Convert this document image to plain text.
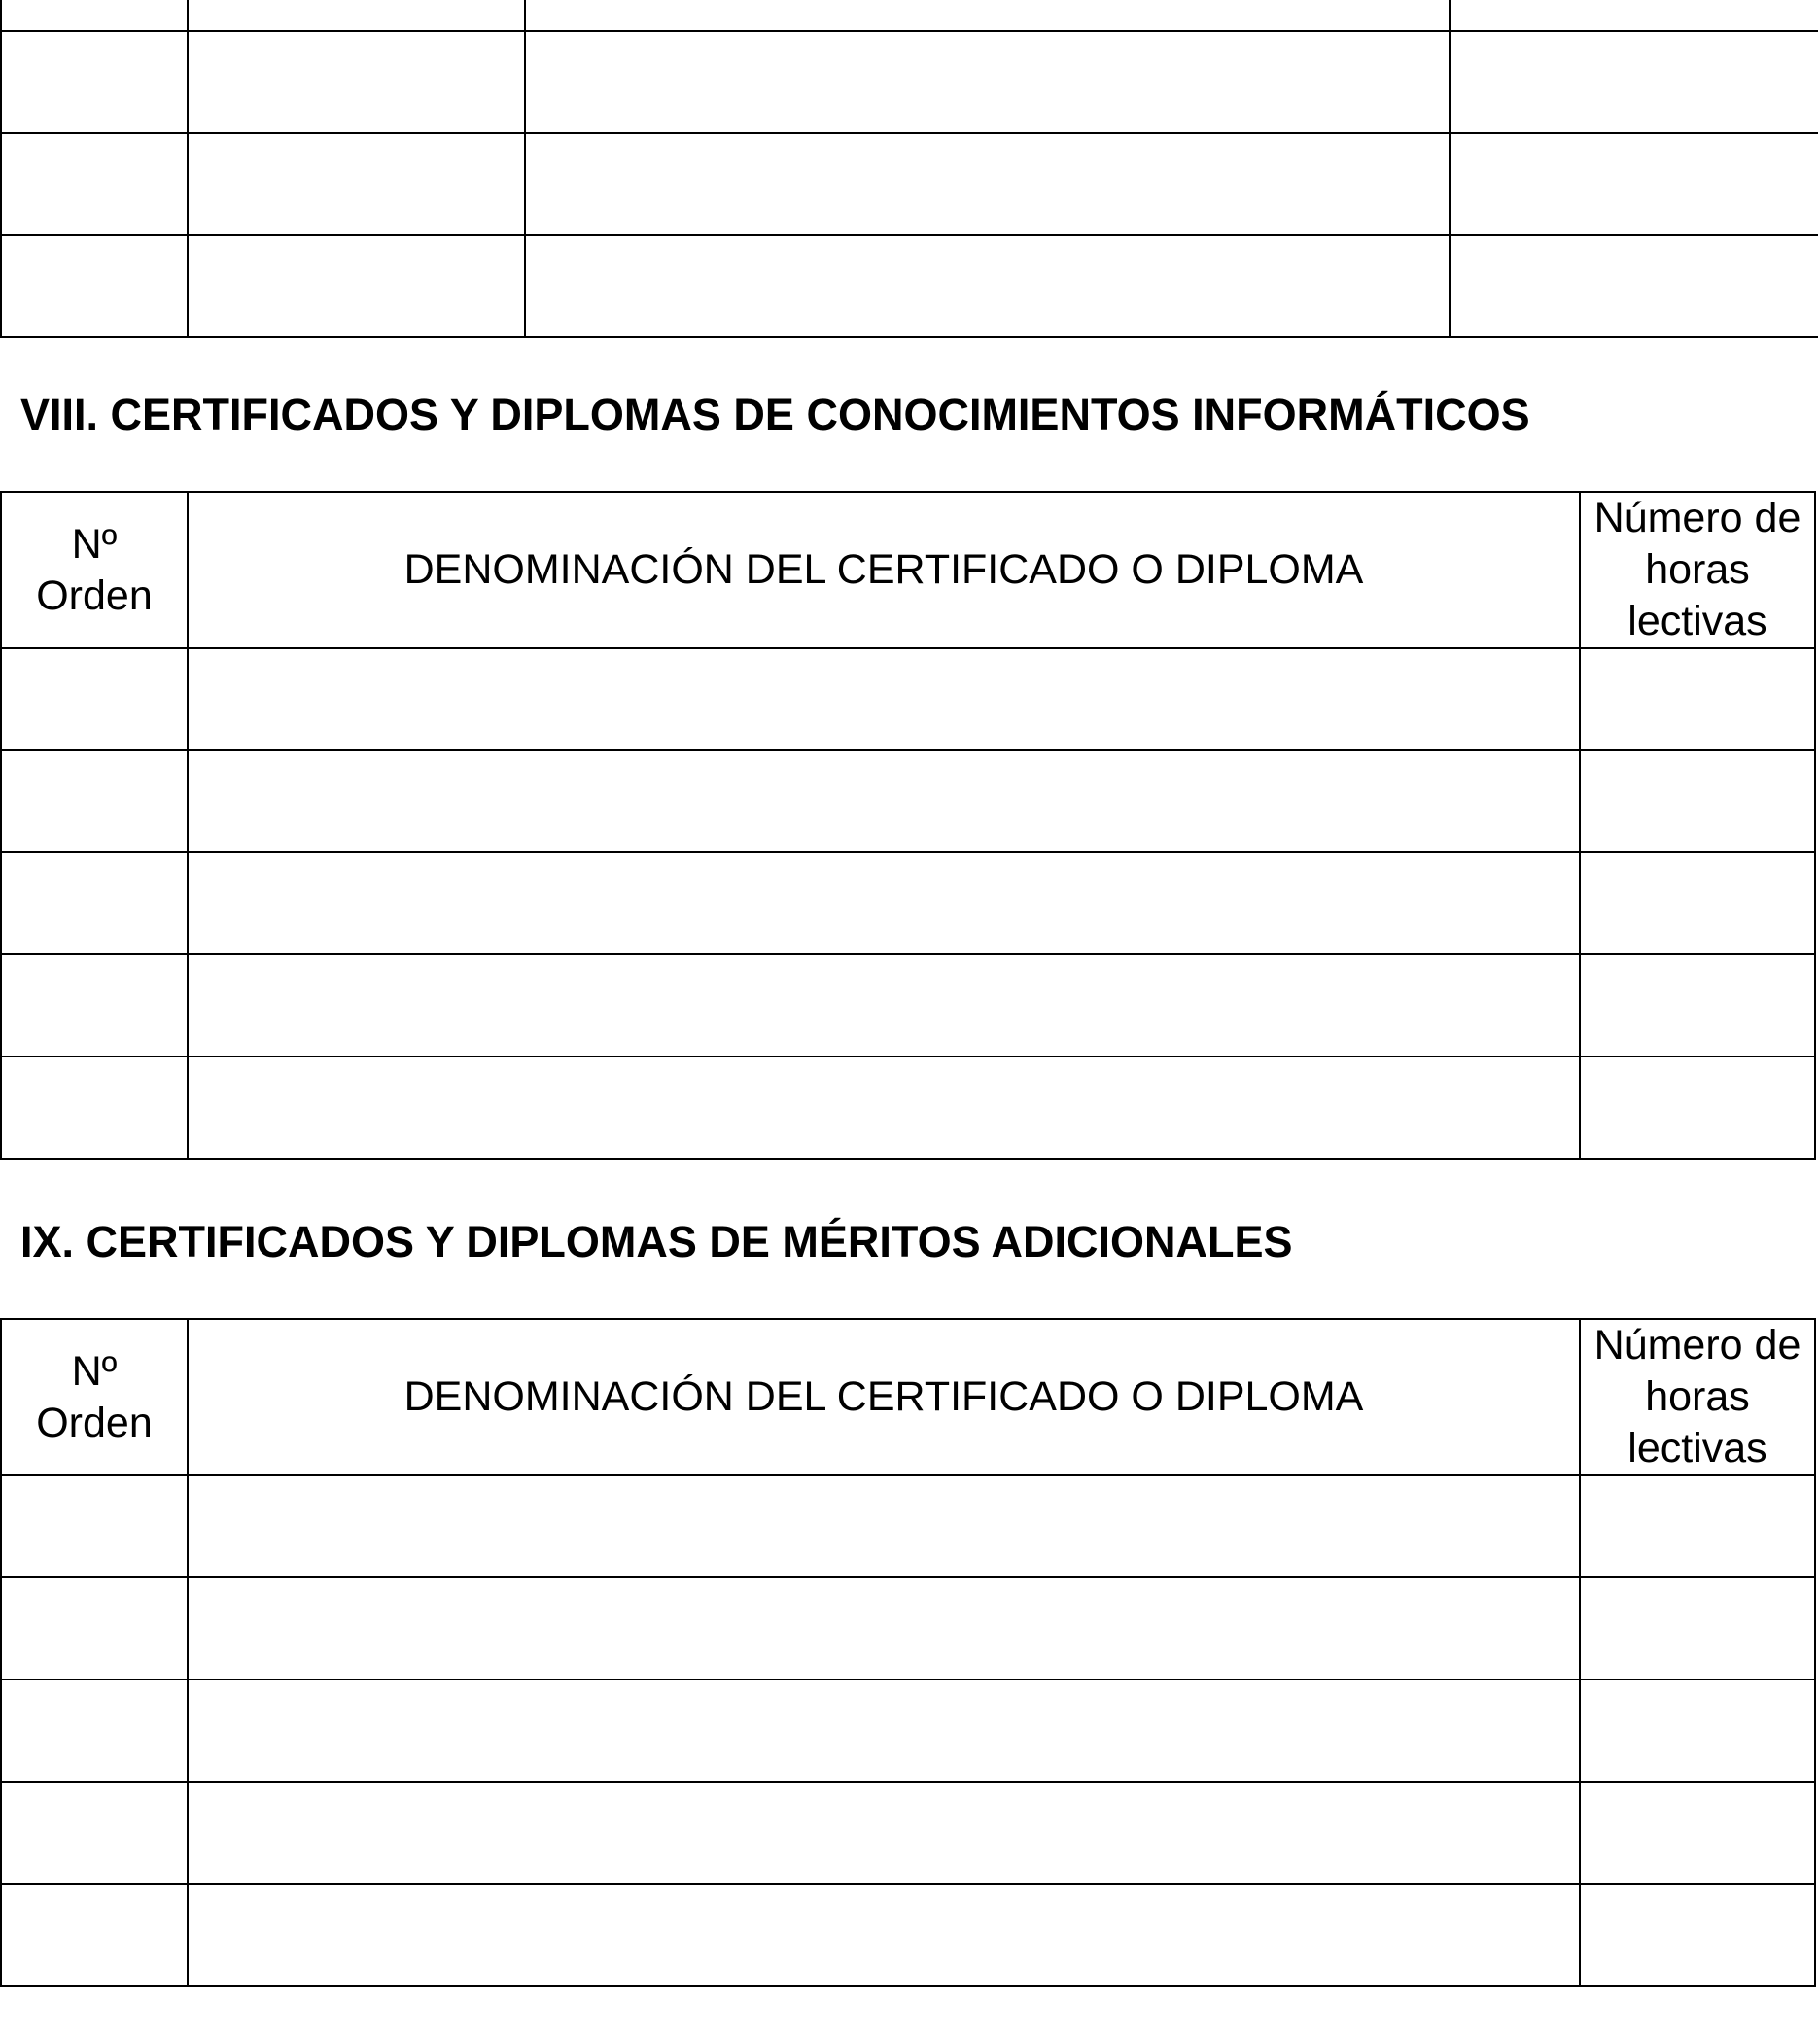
VIII. CERTIFICADOS Y DIPLOMAS DE CONOCIMIENTOS INFORMÁTICOS
Nº Orden	DENOMINACIÓN DEL CERTIFICADO O DIPLOMA	Número de horas lectivas

IX. CERTIFICADOS Y DIPLOMAS DE MÉRITOS ADICIONALES
Nº Orden	DENOMINACIÓN DEL CERTIFICADO O DIPLOMA	Número de horas lectivas
